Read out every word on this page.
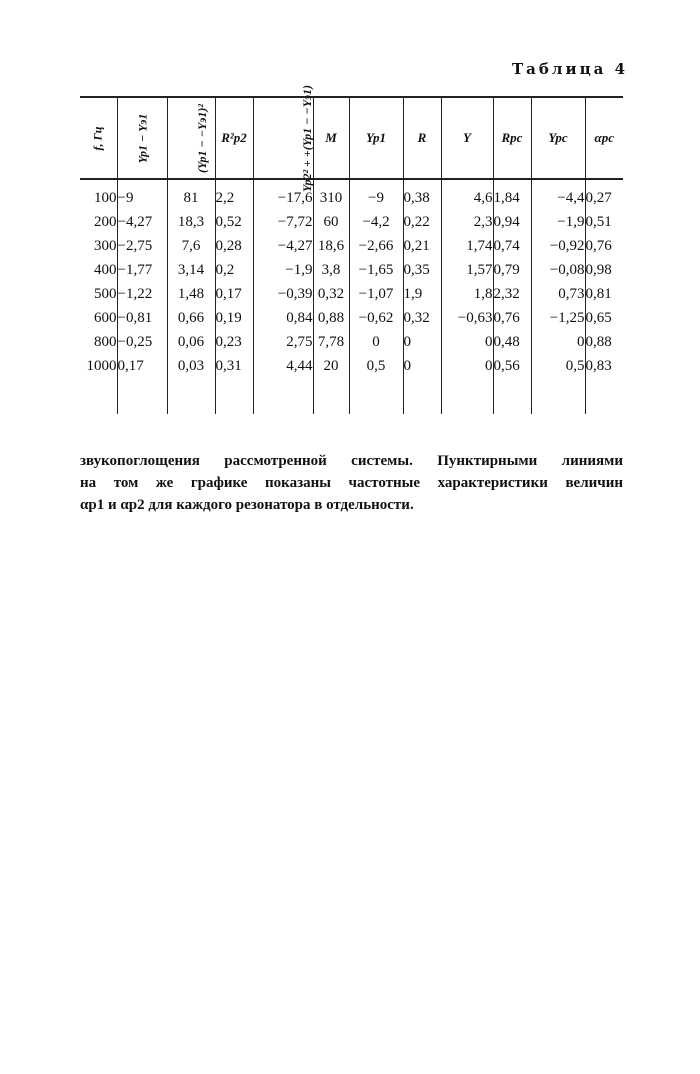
Таблица 4
f, Гц	Yp1 − Yэ1	(Yp1 − −Yэ1)²	R²p2	Yp2² + +(Yp1 − −Yэ1)	M	Yp1	R	Y	Rpc	Ypc	αpc
100	−9	81	2,2	−17,6	310	−9	0,38	4,6	1,84	−4,4	0,27
200	−4,27	18,3	0,52	−7,72	60	−4,2	0,22	2,3	0,94	−1,9	0,51
300	−2,75	7,6	0,28	−4,27	18,6	−2,66	0,21	1,74	0,74	−0,92	0,76
400	−1,77	3,14	0,2	−1,9	3,8	−1,65	0,35	1,57	0,79	−0,08	0,98
500	−1,22	1,48	0,17	−0,39	0,32	−1,07	1,9	1,8	2,32	0,73	0,81
600	−0,81	0,66	0,19	0,84	0,88	−0,62	0,32	−0,63	0,76	−1,25	0,65
800	−0,25	0,06	0,23	2,75	7,78	0	0	0	0,48	0	0,88
1000	0,17	0,03	0,31	4,44	20	0,5	0	0	0,56	0,5	0,83

звукопоглощения рассмотренной системы. Пунктирными линиями

на том же графике показаны частотные характеристики величин

αp1 и αp2 для каждого резонатора в отдельности.
